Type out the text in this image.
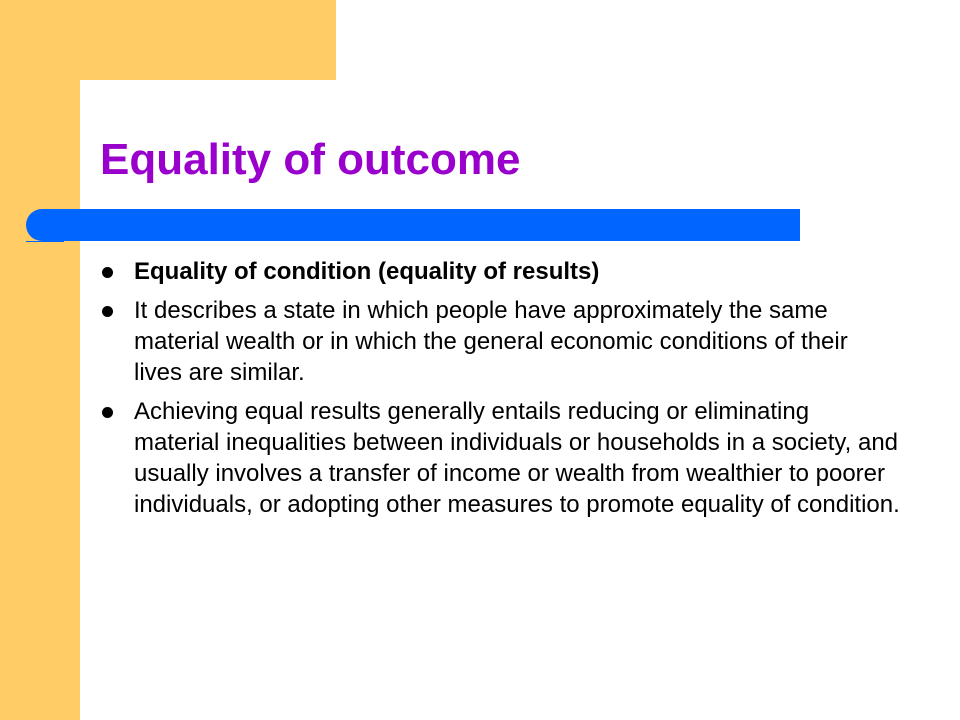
Equality of outcome
Equality of condition (equality of results)
It describes a state in which people have approximately the same material wealth or in which the general economic conditions of their lives are similar.
Achieving equal results generally entails reducing or eliminating material inequalities between individuals or households in a society, and usually involves a transfer of income or wealth from wealthier to poorer individuals, or adopting other measures to promote equality of condition.
